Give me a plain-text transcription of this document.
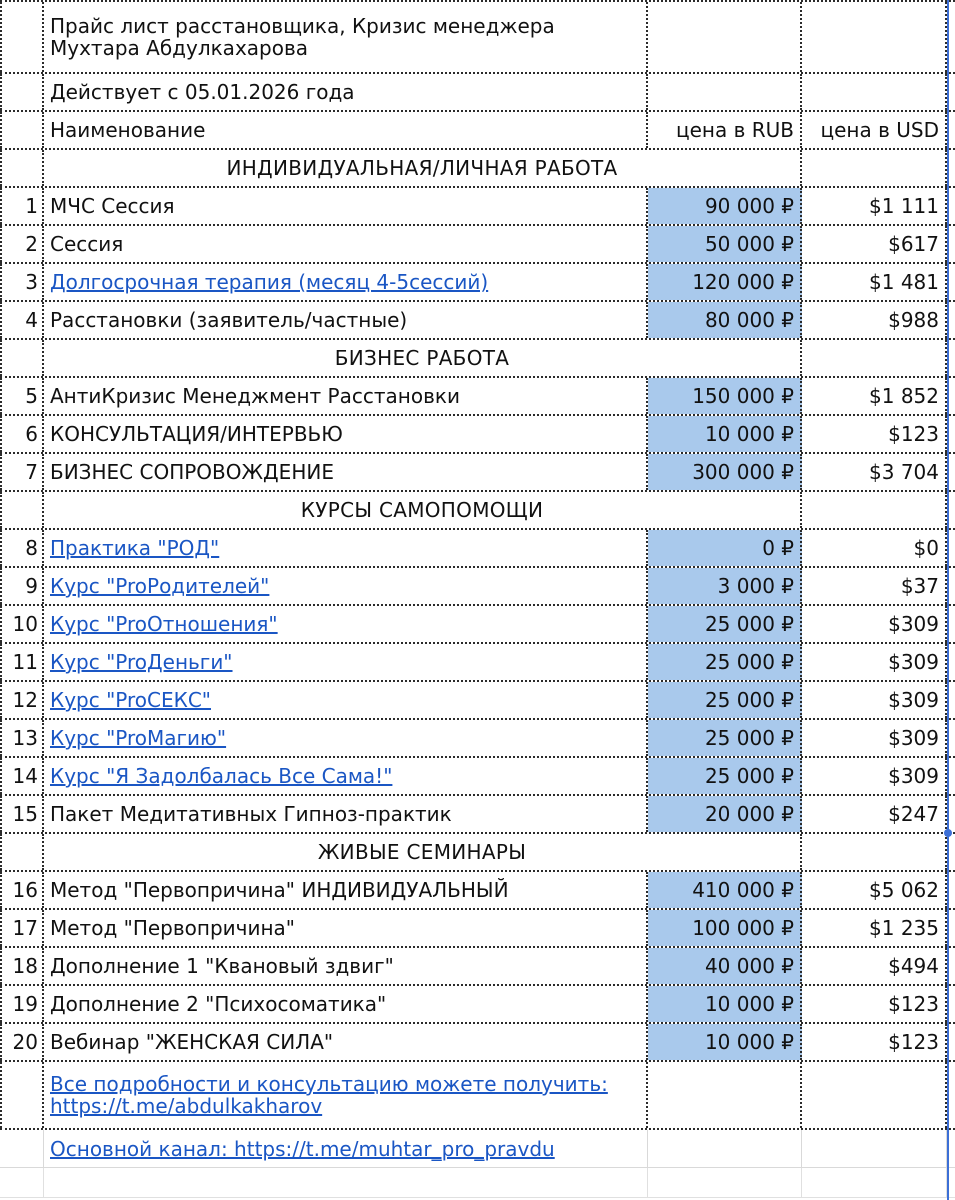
Прайс лист расстановщика, Кризис менеджера Мухтара Абдулкахарова
Действует с 05.01.2026 года
Наименование	цена в RUB	цена в USD
ИНДИВИДУАЛЬНАЯ/ЛИЧНАЯ РАБОТА
1 МЧС Сессия	90 000 ₽	$1 111
2 Сессия	50 000 ₽	$617
3 Долгосрочная терапия (месяц 4-5сессий)	120 000 ₽	$1 481
4 Расстановки (заявитель/частные)	80 000 ₽	$988
БИЗНЕС РАБОТА
5 АнтиКризис Менеджмент Расстановки	150 000 ₽	$1 852
6 КОНСУЛЬТАЦИЯ/ИНТЕРВЬЮ	10 000 ₽	$123
7 БИЗНЕС СОПРОВОЖДЕНИЕ	300 000 ₽	$3 704
КУРСЫ САМОПОМОЩИ
8 Практика "РОД"	0 ₽	$0
9 Курс "ProРодителей"	3 000 ₽	$37
10 Курс "ProОтношения"	25 000 ₽	$309
11 Курс "ProДеньги"	25 000 ₽	$309
12 Курс "ProСЕКС"	25 000 ₽	$309
13 Курс "ProМагию"	25 000 ₽	$309
14 Курс "Я Задолбалась Все Сама!"	25 000 ₽	$309
15 Пакет Медитативных Гипноз-практик	20 000 ₽	$247
ЖИВЫЕ СЕМИНАРЫ
16 Метод "Первопричина" ИНДИВИДУАЛЬНЫЙ	410 000 ₽	$5 062
17 Метод "Первопричина"	100 000 ₽	$1 235
18 Дополнение 1 "Квановый здвиг"	40 000 ₽	$494
19 Дополнение 2 "Психосоматика"	10 000 ₽	$123
20 Вебинар "ЖЕНСКАЯ СИЛА"	10 000 ₽	$123
Все подробности и консультацию можете получить: https://t.me/abdulkakharov
Основной канал: https://t.me/muhtar_pro_pravdu
